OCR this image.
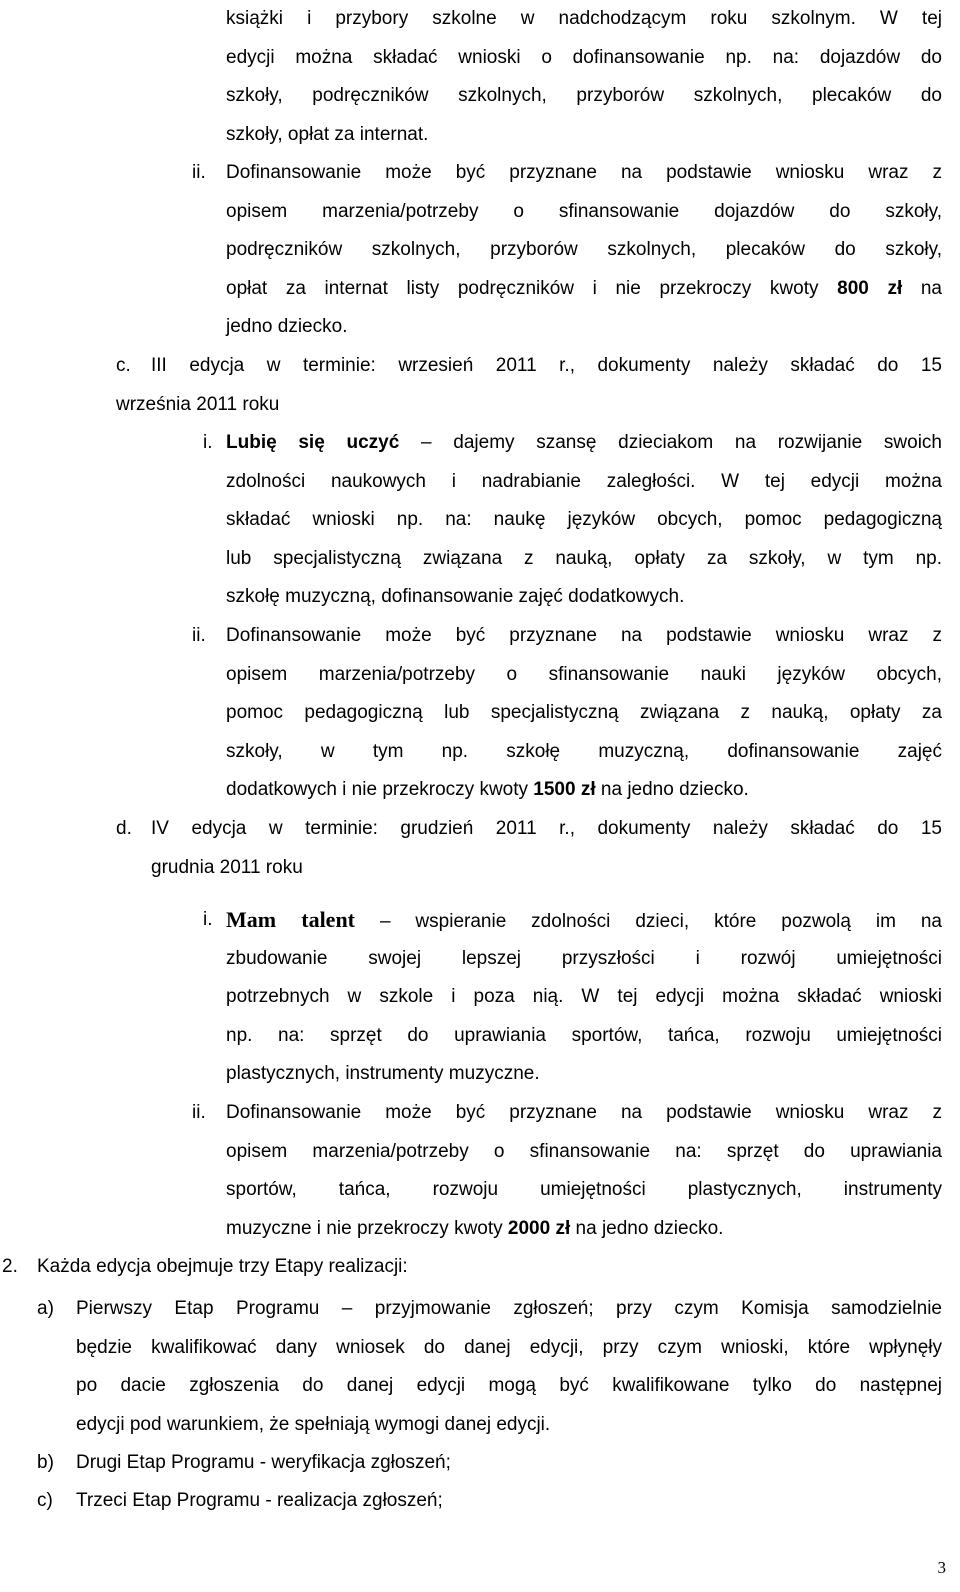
książki i przybory szkolne w nadchodzącym roku szkolnym. W tej
edycji można składać wnioski o dofinansowanie np. na: dojazdów do
szkoły, podręczników szkolnych, przyborów szkolnych, plecaków do
szkoły, opłat za internat.
ii. Dofinansowanie może być przyznane na podstawie wniosku wraz z
opisem marzenia/potrzeby o sfinansowanie dojazdów do szkoły,
podręczników szkolnych, przyborów szkolnych, plecaków do szkoły,
opłat za internat listy podręczników i nie przekroczy kwoty 800 zł na
jedno dziecko.
c. III edycja w terminie: wrzesień 2011 r., dokumenty należy składać do 15
września 2011 roku
i. Lubię się uczyć – dajemy szansę dzieciakom na rozwijanie swoich
zdolności naukowych i nadrabianie zaległości. W tej edycji można
składać wnioski np. na: naukę języków obcych, pomoc pedagogiczną
lub specjalistyczną związana z nauką, opłaty za szkoły, w tym np.
szkołę muzyczną, dofinansowanie zajęć dodatkowych.
ii. Dofinansowanie może być przyznane na podstawie wniosku wraz z
opisem marzenia/potrzeby o sfinansowanie nauki języków obcych,
pomoc pedagogiczną lub specjalistyczną związana z nauką, opłaty za
szkoły, w tym np. szkołę muzyczną, dofinansowanie zajęć
dodatkowych i nie przekroczy kwoty 1500 zł na jedno dziecko.
d. IV edycja w terminie: grudzień 2011 r., dokumenty należy składać do 15
grudnia 2011 roku
i. Mam talent – wspieranie zdolności dzieci, które pozwolą im na
zbudowanie swojej lepszej przyszłości i rozwój umiejętności
potrzebnych w szkole i poza nią. W tej edycji można składać wnioski
np. na: sprzęt do uprawiania sportów, tańca, rozwoju umiejętności
plastycznych, instrumenty muzyczne.
ii. Dofinansowanie może być przyznane na podstawie wniosku wraz z
opisem marzenia/potrzeby o sfinansowanie na: sprzęt do uprawiania
sportów, tańca, rozwoju umiejętności plastycznych, instrumenty
muzyczne i nie przekroczy kwoty 2000 zł na jedno dziecko.
2. Każda edycja obejmuje trzy Etapy realizacji:
a) Pierwszy Etap Programu – przyjmowanie zgłoszeń; przy czym Komisja samodzielnie
będzie kwalifikować dany wniosek do danej edycji, przy czym wnioski, które wpłynęły
po dacie zgłoszenia do danej edycji mogą być kwalifikowane tylko do następnej
edycji pod warunkiem, że spełniają wymogi danej edycji.
b) Drugi Etap Programu - weryfikacja zgłoszeń;
c) Trzeci Etap Programu - realizacja zgłoszeń;
3
